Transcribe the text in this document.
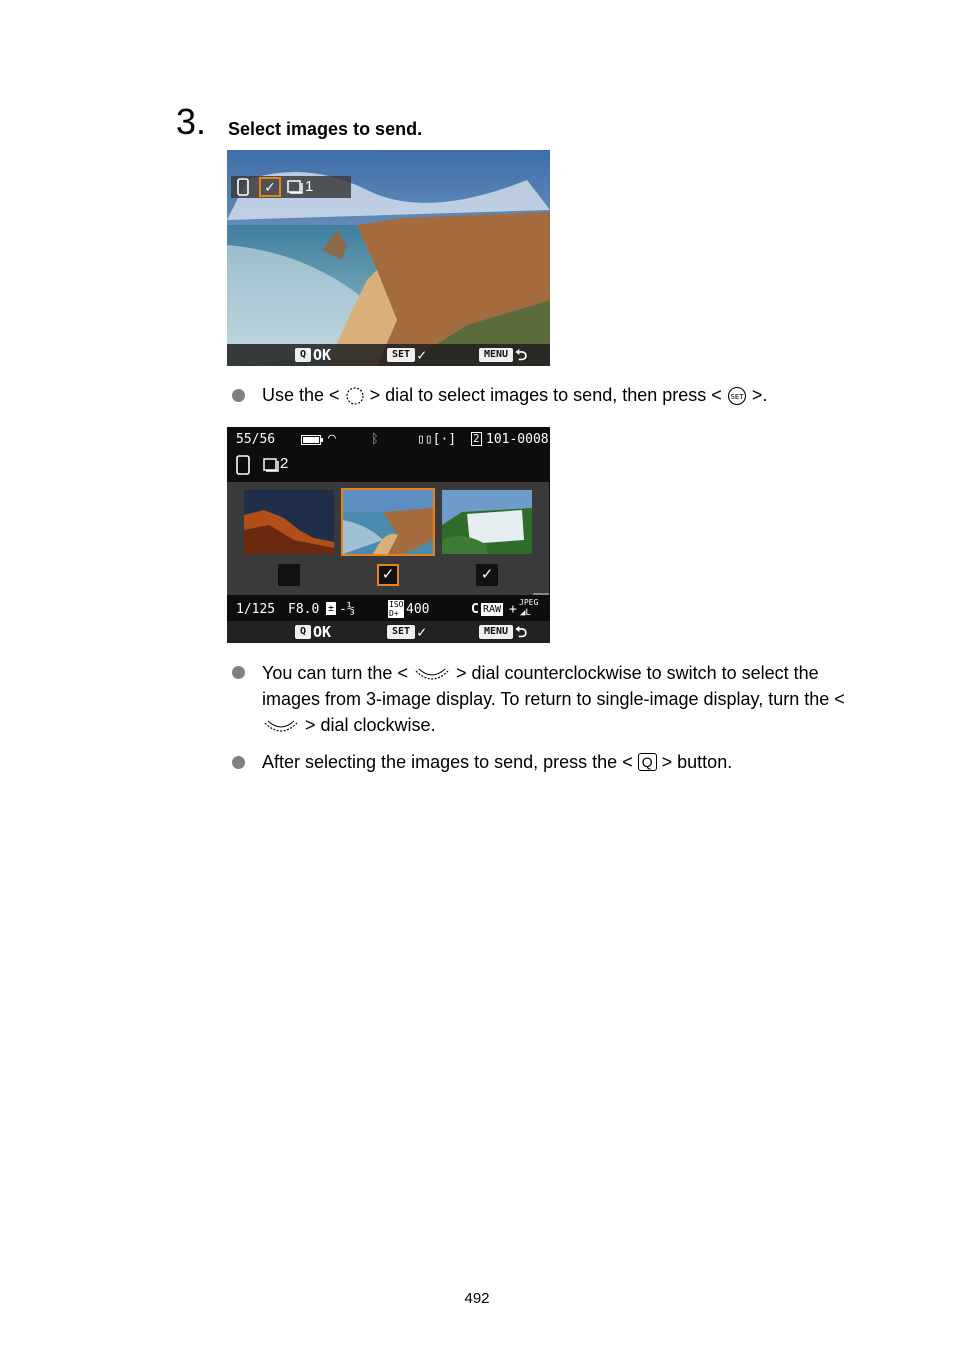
3. Select images to send.
✓	1
Q OK	SET ✓	MENU ⮌
Use the < > dial to select images to send, then press < SET >.
55/56	◠	ᛒ	▯▯[·] 2 101-0008
2
✓	✓
1/125 F8.0 ± -⅓	ISO
D+ 400	C RAW + JPEG
◢L
Q OK	SET ✓	MENU ⮌
You can turn the <	> dial counterclockwise to switch to select the images from 3-image display. To return to single-image display, turn the <  > dial clockwise.
After selecting the images to send, press the < Q > button.
492
